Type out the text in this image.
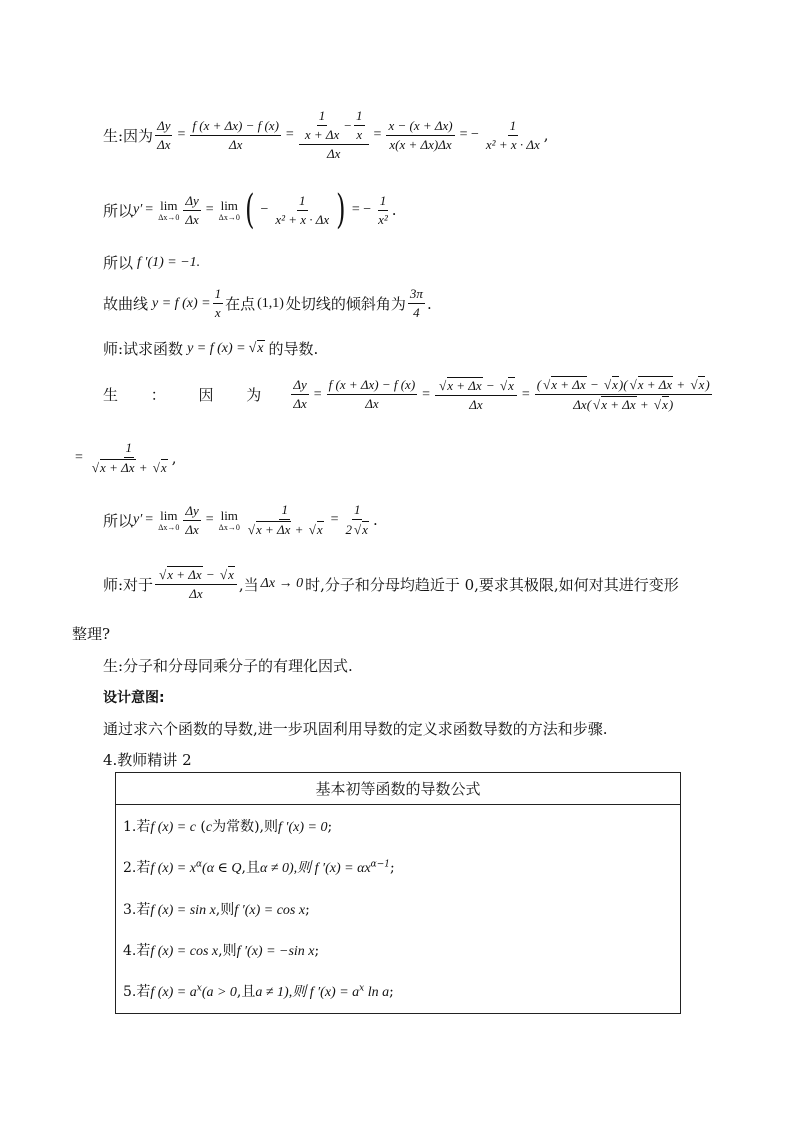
生:因为 $\frac{\Delta y}{\Delta x} = \frac{f (x + \Delta x) - f (x)}{\Delta x} = \frac{\frac{1}{x + \Delta x} - \frac{1}{x}}{\Delta x} = \frac{x - (x + \Delta x)}{x(x + \Delta x)\Delta x}$ = − $\frac{1}{\text{x² + x · Δx}}$ ,
所以 y′ = lim
$\Delta x\to 0 \frac{\Delta y}{\Delta x} = \lim$
Δx→0 ( − $\frac{1}{\text{x² + x · Δx}}$ ) = − $\frac{1}{\text{x²}}$ .
所以 f ′(1) = −1.
故曲线 y = f $(x) = \frac{1}{x}$ 在点 (1,1) 处切线的倾斜角为 $\frac{3\pi}{4}$ .
师:试求函数 y = f (x) = √ x 的导数.
生 ： 因 为 $\frac{\Delta y}{\Delta x} = \frac{f (x + \Delta x) - f (x)}{\Delta x}$ = √ $\frac{x + \Delta x - √ x}{\Delta x} = \frac{( √ x + \Delta x - √ x)( √ x + \Delta x + √ x)}{\Delta x( √ x + \Delta x + √ x)}$
= 1
√ x + Δx + √ x ,
所以 y′ = lim
$\Delta x\to 0 \frac{\Delta y}{\Delta x} = \lim$
Δx→0 1
√ x + Δx + √ $x = \frac{1}{2 √ x}$ .
师:对于 √ $\frac{x + \Delta x - √ x}{\Delta x}$ ,当 Δx → 0 时,分子和分母均趋近于 0,要求其极限,如何对其进行变形
整理?
生:分子和分母同乘分子的有理化因式.
设计意图:
通过求六个函数的导数,进一步巩固利用导数的定义求函数导数的方法和步骤.
4.教师精讲 2
基本初等函数的导数公式
1.若f (x) = c (c为常数),则f ′(x) = 0;
2.若f $(x) = x^\alpha(\alpha$ ∈ Q,且α ≠ 0),则 f $'(x) = \alpha x^{\alpha-1}$;
3.若f (x) = sin x,则f ′(x) = cos x;
4.若f (x) = cos x,则f ′(x) = −sin x;
5.若f $(x) = a^x(a > 0$,且a ≠ 1),则 f $'(x) = a^x$ ln a;
